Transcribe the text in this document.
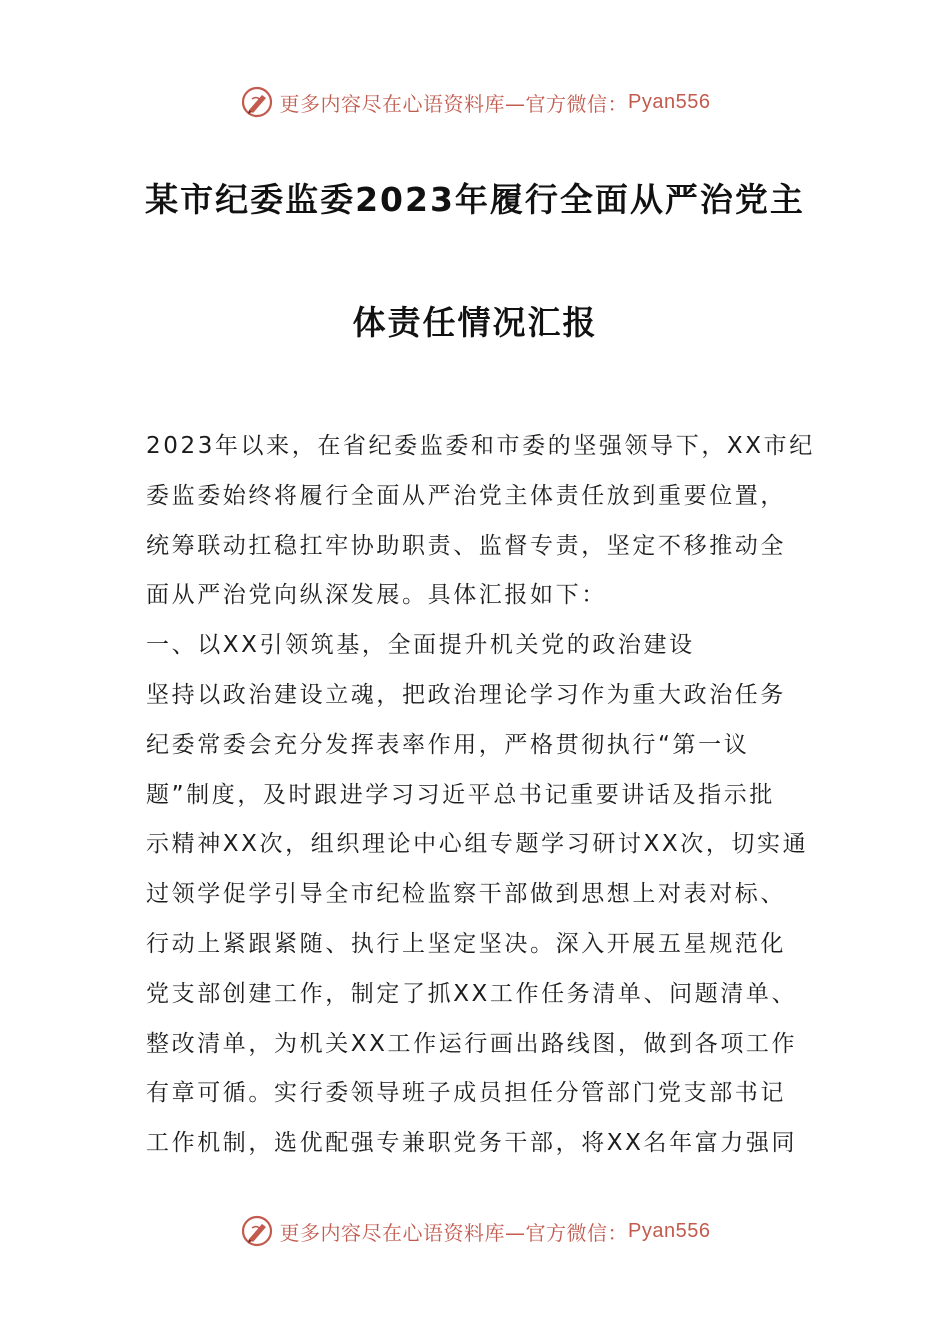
更多内容尽在心语资料库—官方微信： Pyan556
某市纪委监委2023年履行全面从严治党主
体责任情况汇报
2023年以来，在省纪委监委和市委的坚强领导下，XX市纪
委监委始终将履行全面从严治党主体责任放到重要位置，
统筹联动扛稳扛牢协助职责、监督专责，坚定不移推动全
面从严治党向纵深发展。具体汇报如下：
一、以XX引领筑基，全面提升机关党的政治建设
坚持以政治建设立魂，把政治理论学习作为重大政治任务
纪委常委会充分发挥表率作用，严格贯彻执行“第一议
题”制度，及时跟进学习习近平总书记重要讲话及指示批
示精神XX次，组织理论中心组专题学习研讨XX次，切实通
过领学促学引导全市纪检监察干部做到思想上对表对标、
行动上紧跟紧随、执行上坚定坚决。深入开展五星规范化
党支部创建工作，制定了抓XX工作任务清单、问题清单、
整改清单，为机关XX工作运行画出路线图，做到各项工作
有章可循。实行委领导班子成员担任分管部门党支部书记
工作机制，选优配强专兼职党务干部，将XX名年富力强同
更多内容尽在心语资料库—官方微信： Pyan556
